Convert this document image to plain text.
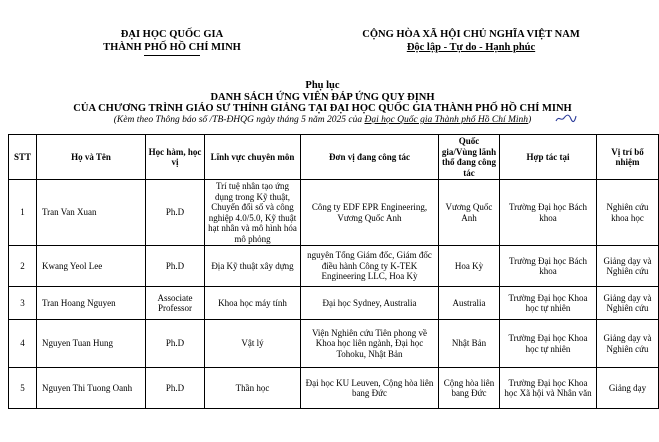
ĐẠI HỌC QUỐC GIA
THÀNH PHỐ HỒ CHÍ MINH
CỘNG HÒA XÃ HỘI CHỦ NGHĨA VIỆT NAM
Độc lập - Tự do - Hạnh phúc
Phụ lục
DANH SÁCH ỨNG VIÊN ĐÁP ỨNG QUY ĐỊNH
CỦA CHƯƠNG TRÌNH GIÁO SƯ THỈNH GIẢNG TẠI ĐẠI HỌC QUỐC GIA THÀNH PHỐ HỒ CHÍ MINH
(Kèm theo Thông báo số /TB-ĐHQG ngày tháng 5 năm 2025 của Đại học Quốc gia Thành phố Hồ Chí Minh)
STT	Họ và Tên	Học hàm, học vị	Lĩnh vực chuyên môn	Đơn vị đang công tác	Quốc gia/Vùng lãnh thổ đang công tác	Hợp tác tại	Vị trí bổ nhiệm
1	Tran Van Xuan	Ph.D	Trí tuệ nhân tạo ứng dụng trong Kỹ thuật, Chuyển đổi số và công nghiệp 4.0/5.0, Kỹ thuật hạt nhân và mô hình hóa mô phỏng	Công ty EDF EPR Engineering, Vương Quốc Anh	Vương Quốc Anh	Trường Đại học Bách khoa	Nghiên cứu khoa học
2	Kwang Yeol Lee	Ph.D	Địa Kỹ thuật xây dựng	nguyên Tổng Giám đốc, Giám đốc điều hành Công ty K-TEK Engineering LLC, Hoa Kỳ	Hoa Kỳ	Trường Đại học Bách khoa	Giảng dạy và Nghiên cứu
3	Tran Hoang Nguyen	Associate Professor	Khoa học máy tính	Đại học Sydney, Australia	Australia	Trường Đại học Khoa học tự nhiên	Giảng dạy và Nghiên cứu
4	Nguyen Tuan Hung	Ph.D	Vật lý	Viện Nghiên cứu Tiên phong về Khoa học liên ngành, Đại học Tohoku, Nhật Bản	Nhật Bản	Trường Đại học Khoa học tự nhiên	Giảng dạy và Nghiên cứu
5	Nguyen Thi Tuong Oanh	Ph.D	Thần học	Đại học KU Leuven, Cộng hòa liên bang Đức	Cộng hòa liên bang Đức	Trường Đại học Khoa học Xã hội và Nhân văn	Giảng dạy
